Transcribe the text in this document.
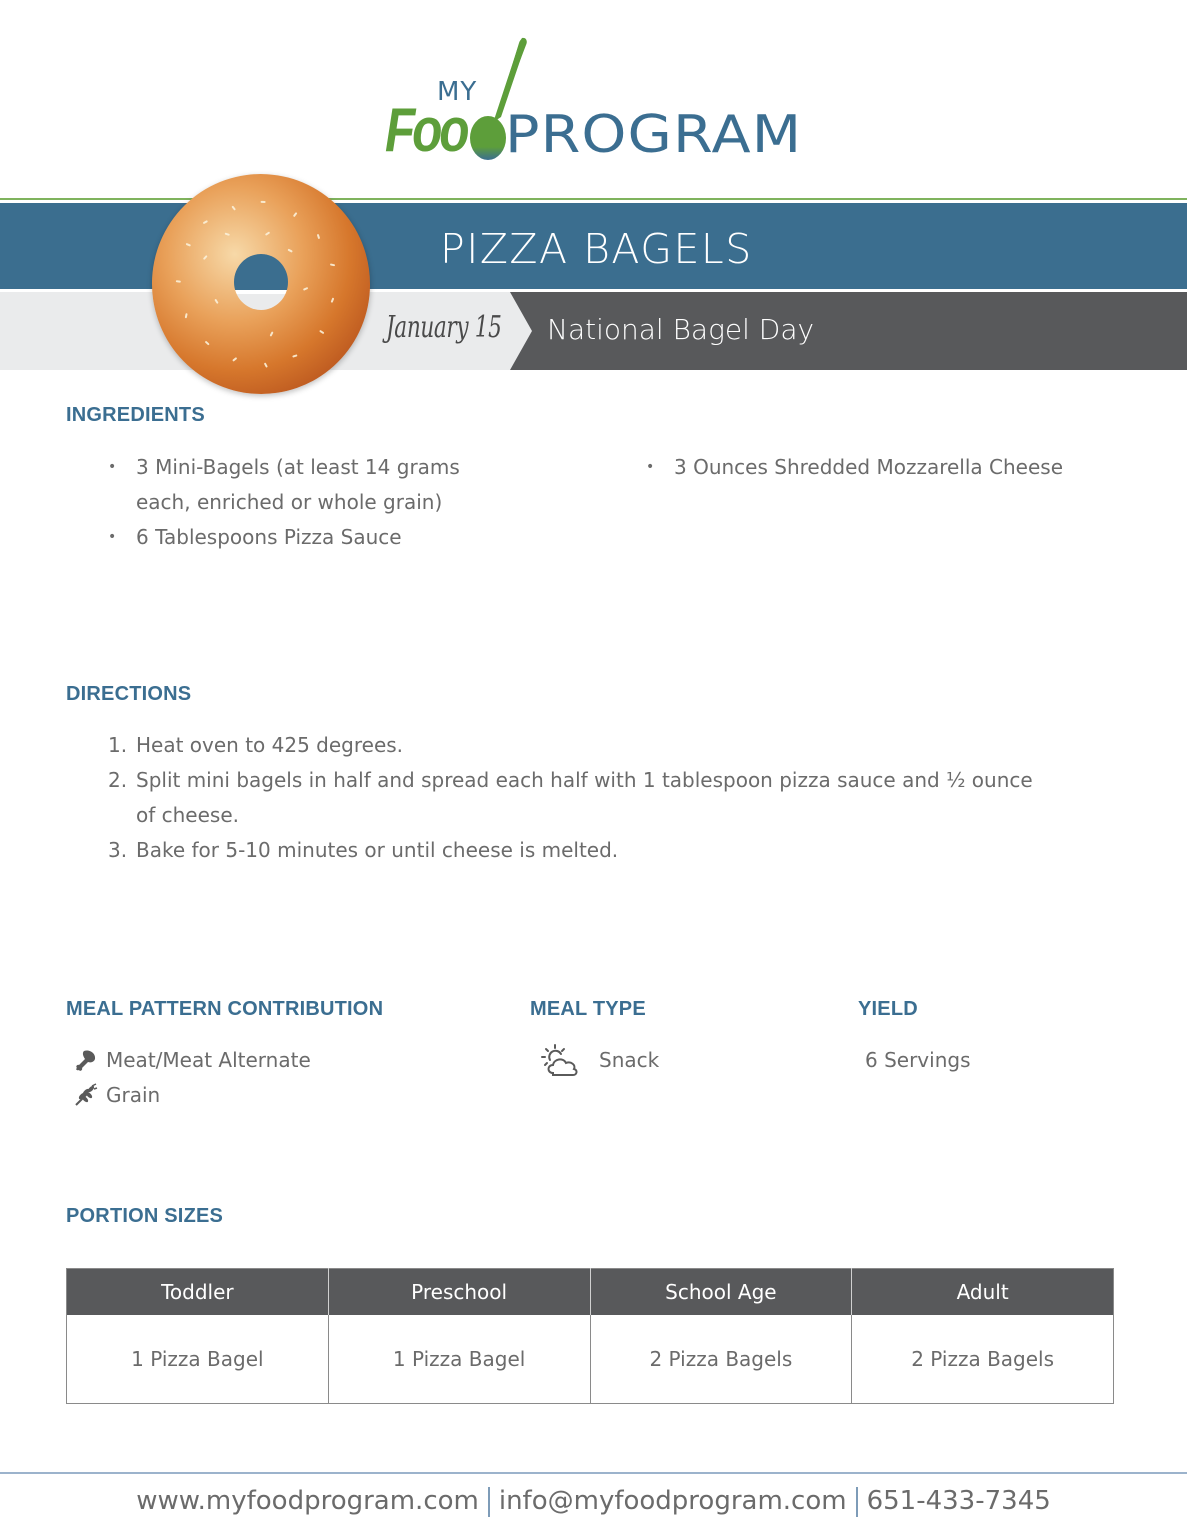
MY
Foo PROGRAM
PIZZA BAGELS
January 15 National Bagel Day
INGREDIENTS
• 3 Mini-Bagels (at least 14 grams each, enriched or whole grain)
• 6 Tablespoons Pizza Sauce
• 3 Ounces Shredded Mozzarella Cheese
DIRECTIONS
1. Heat oven to 425 degrees.
2. Split mini bagels in half and spread each half with 1 tablespoon pizza sauce and ½ ounce of cheese.
3. Bake for 5-10 minutes or until cheese is melted.
MEAL PATTERN CONTRIBUTION
Meat/Meat Alternate
Grain
MEAL TYPE
Snack
YIELD
6 Servings
PORTION SIZES
Toddler	Preschool	School Age	Adult
1 Pizza Bagel	1 Pizza Bagel	2 Pizza Bagels	2 Pizza Bagels
www.myfoodprogram.com info@myfoodprogram.com 651-433-7345
